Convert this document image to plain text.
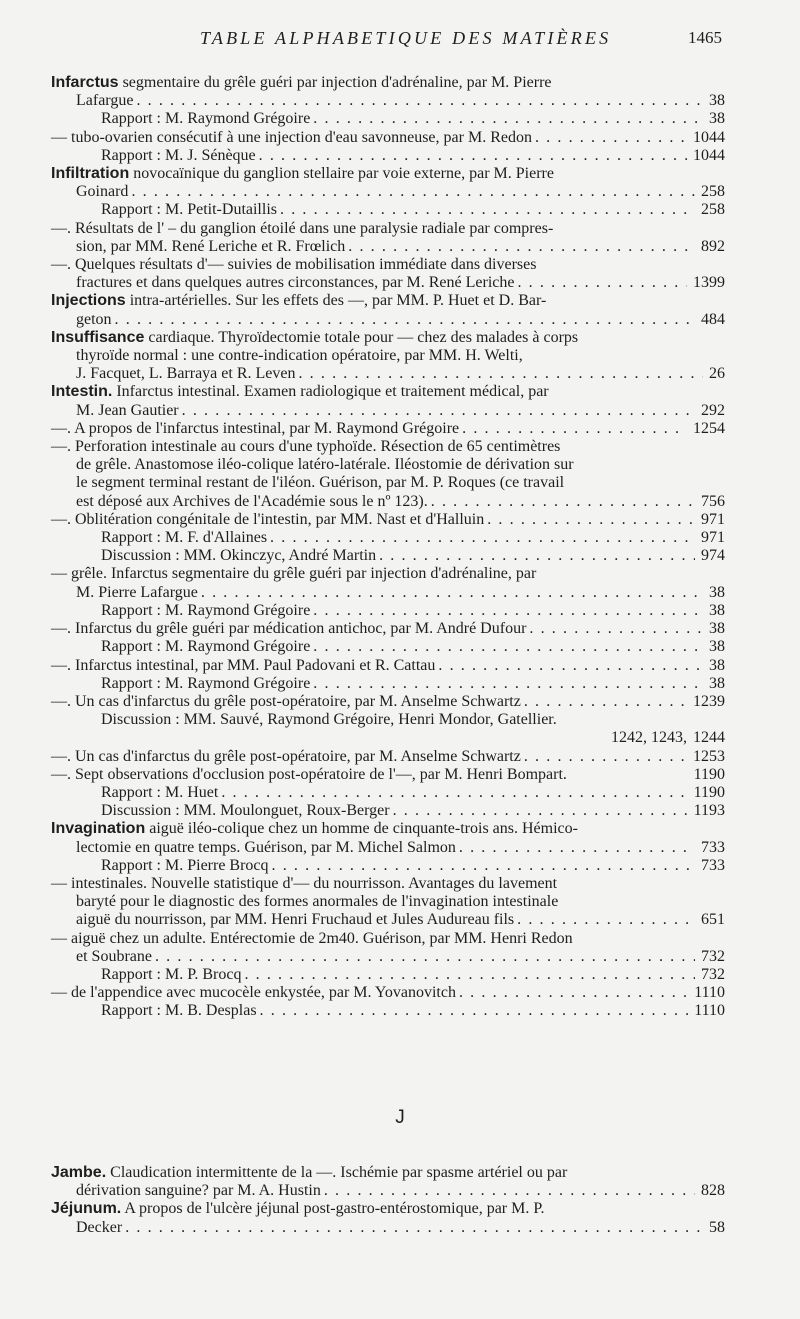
TABLE ALPHABETIQUE DES MATIÈRES	1465
Infarctus segmentaire du grêle guéri par injection d'adrénaline, par M. Pierre
Lafargue . . .	38
Rapport : M. Raymond Grégoire . . .	38
— tubo-ovarien consécutif à une injection d'eau savonneuse, par M. Redon . . .	1044
Rapport : M. J. Sénèque . . .	1044
Infiltration novocaïnique du ganglion stellaire par voie externe, par M. Pierre
Goinard . . .	258
Rapport : M. Petit-Dutaillis . . .	258
—. Résultats de l' – du ganglion étoilé dans une paralysie radiale par compres-
sion, par MM. René Leriche et R. Frœlich . . .	892
—. Quelques résultats d'— suivies de mobilisation immédiate dans diverses
fractures et dans quelques autres circonstances, par M. René Leriche . . .	1399
Injections intra-artérielles. Sur les effets des —, par MM. P. Huet et D. Bar-
geton . . .	484
Insuffisance cardiaque. Thyroïdectomie totale pour — chez des malades à corps
thyroïde normal : une contre-indication opératoire, par MM. H. Welti,
J. Facquet, L. Barraya et R. Leven . . .	26
Intestin. Infarctus intestinal. Examen radiologique et traitement médical, par
M. Jean Gautier . . .	292
—. A propos de l'infarctus intestinal, par M. Raymond Grégoire . . .	1254
—. Perforation intestinale au cours d'une typhoïde. Résection de 65 centimètres
de grêle. Anastomose iléo-colique latéro-latérale. Iléostomie de dérivation sur
le segment terminal restant de l'iléon. Guérison, par M. P. Roques (ce travail
est déposé aux Archives de l'Académie sous le nº 123). . . .	756
—. Oblitération congénitale de l'intestin, par MM. Nast et d'Halluin . . .	971
Rapport : M. F. d'Allaines . . .	971
Discussion : MM. Okinczyc, André Martin . . .	974
— grêle. Infarctus segmentaire du grêle guéri par injection d'adrénaline, par
M. Pierre Lafargue . . .	38
Rapport : M. Raymond Grégoire . . .	38
—. Infarctus du grêle guéri par médication antichoc, par M. André Dufour . . .	38
Rapport : M. Raymond Grégoire . . .	38
—. Infarctus intestinal, par MM. Paul Padovani et R. Cattau . . .	38
Rapport : M. Raymond Grégoire . . .	38
—. Un cas d'infarctus du grêle post-opératoire, par M. Anselme Schwartz . . .	1239
Discussion : MM. Sauvé, Raymond Grégoire, Henri Mondor, Gatellier.
1242, 1243, 1244
—. Un cas d'infarctus du grêle post-opératoire, par M. Anselme Schwartz . . .	1253
—. Sept observations d'occlusion post-opératoire de l'—, par M. Henri Bompart.	1190
Rapport : M. Huet . . .	1190
Discussion : MM. Moulonguet, Roux-Berger . . .	1193
Invagination aiguë iléo-colique chez un homme de cinquante-trois ans. Hémico-
lectomie en quatre temps. Guérison, par M. Michel Salmon . . .	733
Rapport : M. Pierre Brocq . . .	733
— intestinales. Nouvelle statistique d'— du nourrisson. Avantages du lavement
baryté pour le diagnostic des formes anormales de l'invagination intestinale
aiguë du nourrisson, par MM. Henri Fruchaud et Jules Audureau fils . . .	651
— aiguë chez un adulte. Entérectomie de 2m40. Guérison, par MM. Henri Redon
et Soubrane . . .	732
Rapport : M. P. Brocq . . .	732
— de l'appendice avec mucocèle enkystée, par M. Yovanovitch . . .	1110
Rapport : M. B. Desplas . . .	1110
J
Jambe. Claudication intermittente de la —. Ischémie par spasme artériel ou par
dérivation sanguine? par M. A. Hustin . . .	828
Jéjunum. A propos de l'ulcère jéjunal post-gastro-entérostomique, par M. P.
Decker . . .	58
